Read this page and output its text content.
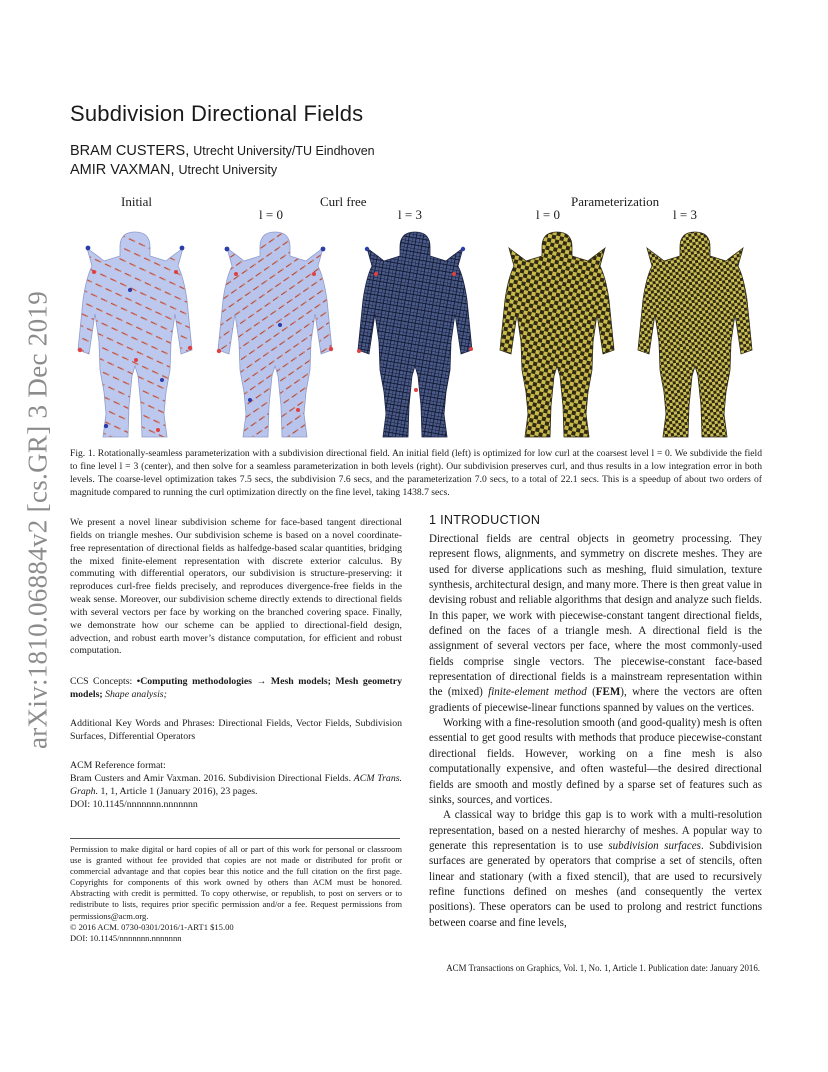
arXiv:1810.06884v2 [cs.GR] 3 Dec 2019
Subdivision Directional Fields
BRAM CUSTERS, Utrecht University/TU Eindhoven
AMIR VAXMAN, Utrecht University
Initial	Curl free	Parameterization
l = 0	l = 3	l = 0	l = 3
Fig. 1. Rotationally-seamless parameterization with a subdivision directional field. An initial field (left) is optimized for low curl at the coarsest level l = 0. We subdivide the field to fine level l = 3 (center), and then solve for a seamless parameterization in both levels (right). Our subdivision preserves curl, and thus results in a low integration error in both levels. The coarse-level optimization takes 7.5 secs, the subdivision 7.6 secs, and the parameterization 7.0 secs, to a total of 22.1 secs. This is a speedup of about two orders of magnitude compared to running the curl optimization directly on the fine level, taking 1438.7 secs.
We present a novel linear subdivision scheme for face-based tangent directional fields on triangle meshes. Our subdivision scheme is based on a novel coordinate-free representation of directional fields as halfedge-based scalar quantities, bridging the mixed finite-element representation with discrete exterior calculus. By commuting with differential operators, our subdivision is structure-preserving: it reproduces curl-free fields precisely, and reproduces divergence-free fields in the weak sense. Moreover, our subdivision scheme directly extends to directional fields with several vectors per face by working on the branched covering space. Finally, we demonstrate how our scheme can be applied to directional-field design, advection, and robust earth mover’s distance computation, for efficient and robust computation.
CCS Concepts: •Computing methodologies → Mesh models; Mesh geometry models; Shape analysis;
Additional Key Words and Phrases: Directional Fields, Vector Fields, Subdivision Surfaces, Differential Operators
ACM Reference format:
Bram Custers and Amir Vaxman. 2016. Subdivision Directional Fields. ACM Trans. Graph. 1, 1, Article 1 (January 2016), 23 pages.
DOI: 10.1145/nnnnnnn.nnnnnnn
Permission to make digital or hard copies of all or part of this work for personal or classroom use is granted without fee provided that copies are not made or distributed for profit or commercial advantage and that copies bear this notice and the full citation on the first page. Copyrights for components of this work owned by others than ACM must be honored. Abstracting with credit is permitted. To copy otherwise, or republish, to post on servers or to redistribute to lists, requires prior specific permission and/or a fee. Request permissions from permissions@acm.org.
© 2016 ACM. 0730-0301/2016/1-ART1 $15.00
DOI: 10.1145/nnnnnnn.nnnnnnn
1 INTRODUCTION

Directional fields are central objects in geometry processing. They represent flows, alignments, and symmetry on discrete meshes. They are used for diverse applications such as meshing, fluid simulation, texture synthesis, architectural design, and many more. There is then great value in devising robust and reliable algorithms that design and analyze such fields. In this paper, we work with piecewise-constant tangent directional fields, defined on the faces of a triangle mesh. A directional field is the assignment of several vectors per face, where the most commonly-used fields comprise single vectors. The piecewise-constant face-based representation of directional fields is a mainstream representation within the (mixed) finite-element method (FEM), where the vectors are often gradients of piecewise-linear functions spanned by values on the vertices.

Working with a fine-resolution smooth (and good-quality) mesh is often essential to get good results with methods that produce piecewise-constant directional fields. However, working on a fine mesh is also computationally expensive, and often wasteful—the desired directional fields are smooth and mostly defined by a sparse set of features such as sinks, sources, and vortices.

A classical way to bridge this gap is to work with a multi-resolution representation, based on a nested hierarchy of meshes. A popular way to generate this representation is to use subdivision surfaces. Subdivision surfaces are generated by operators that comprise a set of stencils, often linear and stationary (with a fixed stencil), that are used to recursively refine functions defined on meshes (and consequently the vertex positions). These operators can be used to prolong and restrict functions between coarse and fine levels,

ACM Transactions on Graphics, Vol. 1, No. 1, Article 1. Publication date: January 2016.
